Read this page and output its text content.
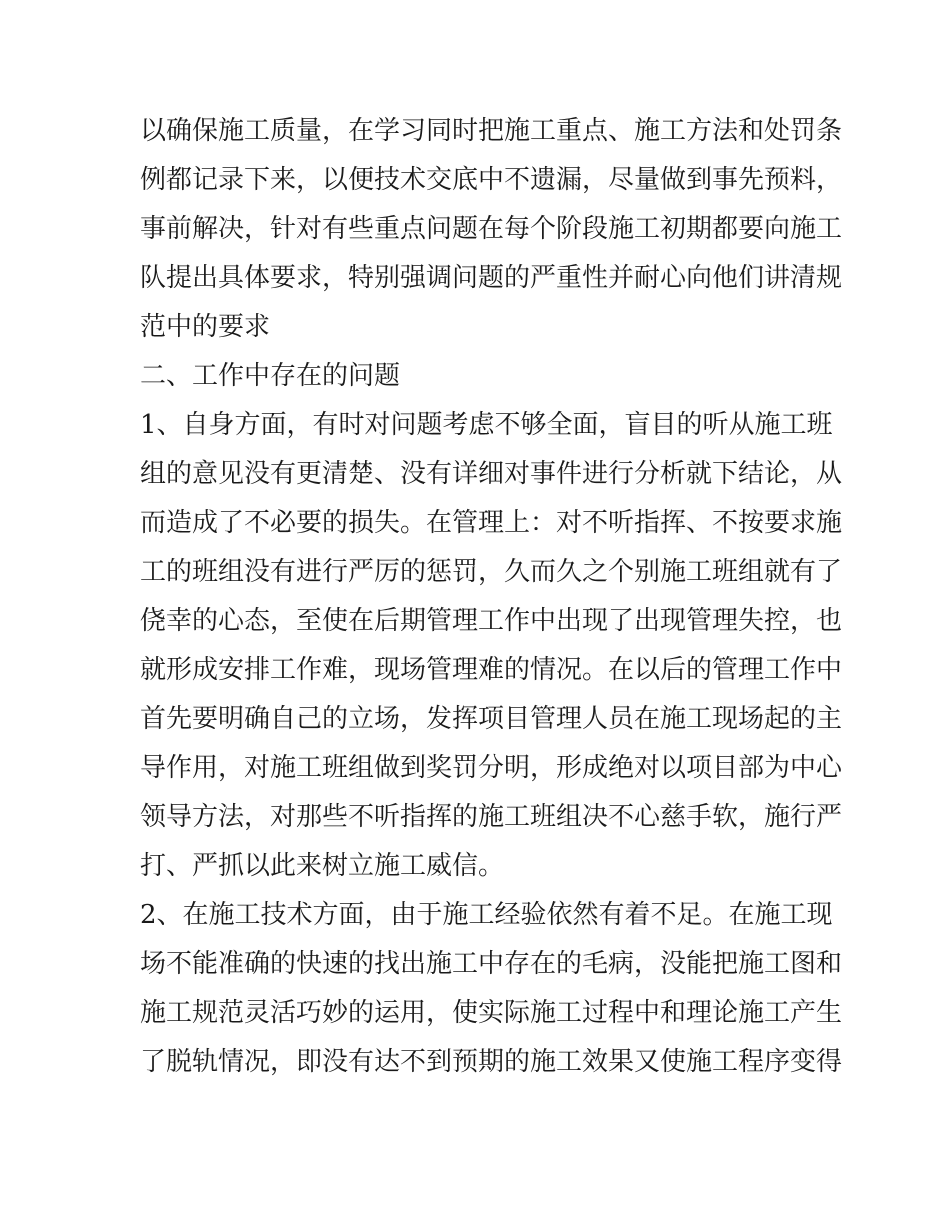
以确保施工质量，在学习同时把施工重点、施工方法和处罚条
例都记录下来，以便技术交底中不遗漏，尽量做到事先预料，
事前解决，针对有些重点问题在每个阶段施工初期都要向施工
队提出具体要求，特别强调问题的严重性并耐心向他们讲清规
范中的要求
二、工作中存在的问题
1、自身方面，有时对问题考虑不够全面，盲目的听从施工班
组的意见没有更清楚、没有详细对事件进行分析就下结论，从
而造成了不必要的损失。在管理上：对不听指挥、不按要求施
工的班组没有进行严厉的惩罚，久而久之个别施工班组就有了
侥幸的心态，至使在后期管理工作中出现了出现管理失控，也
就形成安排工作难，现场管理难的情况。在以后的管理工作中
首先要明确自己的立场，发挥项目管理人员在施工现场起的主
导作用，对施工班组做到奖罚分明，形成绝对以项目部为中心
领导方法，对那些不听指挥的施工班组决不心慈手软，施行严
打、严抓以此来树立施工威信。
2、在施工技术方面，由于施工经验依然有着不足。在施工现
场不能准确的快速的找出施工中存在的毛病，没能把施工图和
施工规范灵活巧妙的运用，使实际施工过程中和理论施工产生
了脱轨情况，即没有达不到预期的施工效果又使施工程序变得
